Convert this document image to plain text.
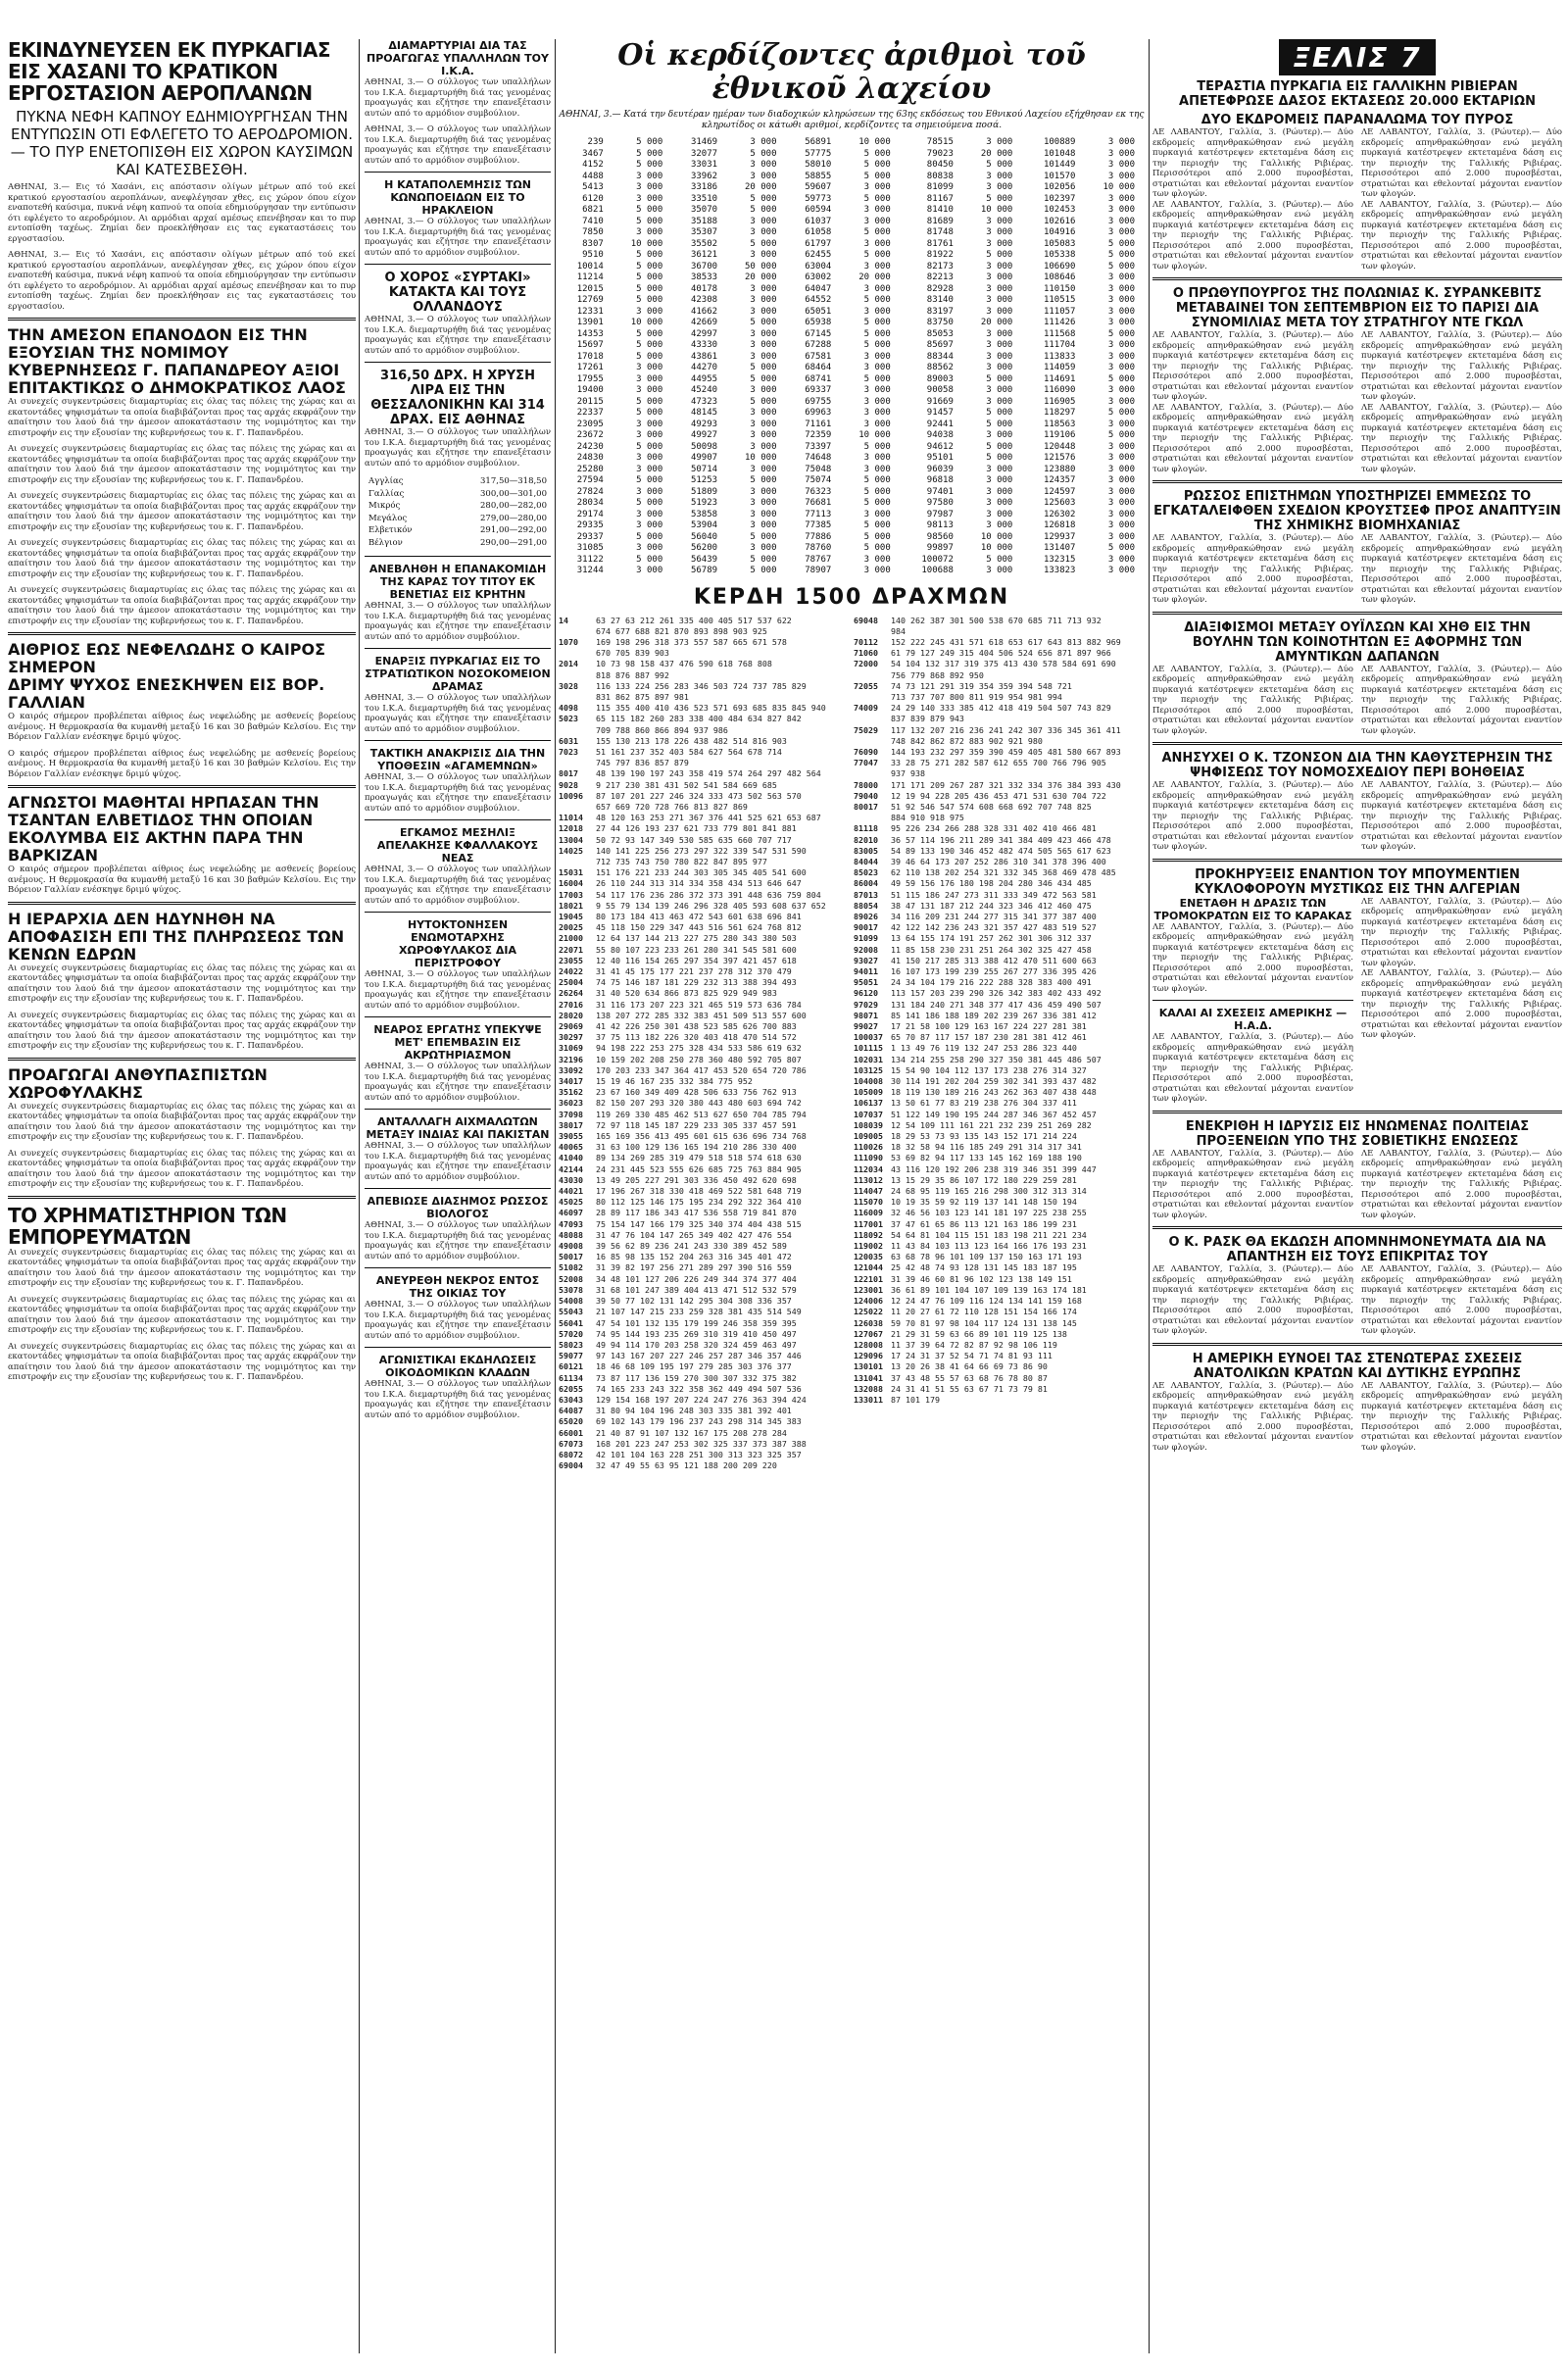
ΕΚΙΝΔΥΝΕΥΣΕΝ ΕΚ ΠΥΡΚΑΓΙΑΣ ΕΙΣ ΧΑΣΑΝΙ ΤΟ ΚΡΑΤΙΚΟΝ ΕΡΓΟΣΤΑΣΙΟΝ ΑΕΡΟΠΛΑΝΩΝ
ΠΥΚΝΑ ΝΕΦΗ ΚΑΠΝΟΥ ΕΔΗΜΙΟΥΡΓΗΣΑΝ ΤΗΝ ΕΝΤΥΠΩΣΙΝ ΟΤΙ ΕΦΛΕΓΕΤΟ ΤΟ ΑΕΡΟΔΡΟΜΙΟΝ. — ΤΟ ΠΥΡ ΕΝΕΤΟΠΙΣΘΗ ΕΙΣ ΧΩΡΟΝ ΚΑΥΣΙΜΩΝ ΚΑΙ ΚΑΤΕΣΒΕΣΘΗ.
ΑΘΗΝΑΙ, 3.— Εις τό Χασάνι, εις απόστασιν ολίγων μέτρων από τού εκεί κρατικού εργοστασίου αεροπλάνων, ανεφλέγησαν χθες, εις χώρον όπου είχον εναποτεθή καύσιμα, πυκνά νέφη καπνού τα οποία εδημιούργησαν την εντύπωσιν ότι εφλέγετο το αεροδρόμιον. Αι αρμόδιαι αρχαί αμέσως επενέβησαν και το πυρ εντοπίσθη ταχέως. Ζημίαι δεν προεκλήθησαν εις τας εγκαταστάσεις του εργοστασίου.
ΑΘΗΝΑΙ, 3.— Εις τό Χασάνι, εις απόστασιν ολίγων μέτρων από τού εκεί κρατικού εργοστασίου αεροπλάνων, ανεφλέγησαν χθες, εις χώρον όπου είχον εναποτεθή καύσιμα, πυκνά νέφη καπνού τα οποία εδημιούργησαν την εντύπωσιν ότι εφλέγετο το αεροδρόμιον. Αι αρμόδιαι αρχαί αμέσως επενέβησαν και το πυρ εντοπίσθη ταχέως. Ζημίαι δεν προεκλήθησαν εις τας εγκαταστάσεις του εργοστασίου.
ΤΗΝ ΑΜΕΣΟΝ ΕΠΑΝΟΔΟΝ ΕΙΣ ΤΗΝ ΕΞΟΥΣΙΑΝ ΤΗΣ ΝΟΜΙΜΟΥ ΚΥΒΕΡΝΗΣΕΩΣ Γ. ΠΑΠΑΝΔΡΕΟΥ ΑΞΙΟΙ ΕΠΙΤΑΚΤΙΚΩΣ Ο ΔΗΜΟΚΡΑΤΙΚΟΣ ΛΑΟΣ
Αι συνεχείς συγκεντρώσεις διαμαρτυρίας εις όλας τας πόλεις της χώρας και αι εκατοντάδες ψηφισμάτων τα οποία διαβιβάζονται προς τας αρχάς εκφράζουν την απαίτησιν του λαού διά την άμεσον αποκατάστασιν της νομιμότητος και την επιστροφήν εις την εξουσίαν της κυβερνήσεως του κ. Γ. Παπανδρέου.
Αι συνεχείς συγκεντρώσεις διαμαρτυρίας εις όλας τας πόλεις της χώρας και αι εκατοντάδες ψηφισμάτων τα οποία διαβιβάζονται προς τας αρχάς εκφράζουν την απαίτησιν του λαού διά την άμεσον αποκατάστασιν της νομιμότητος και την επιστροφήν εις την εξουσίαν της κυβερνήσεως του κ. Γ. Παπανδρέου.
Αι συνεχείς συγκεντρώσεις διαμαρτυρίας εις όλας τας πόλεις της χώρας και αι εκατοντάδες ψηφισμάτων τα οποία διαβιβάζονται προς τας αρχάς εκφράζουν την απαίτησιν του λαού διά την άμεσον αποκατάστασιν της νομιμότητος και την επιστροφήν εις την εξουσίαν της κυβερνήσεως του κ. Γ. Παπανδρέου.
Αι συνεχείς συγκεντρώσεις διαμαρτυρίας εις όλας τας πόλεις της χώρας και αι εκατοντάδες ψηφισμάτων τα οποία διαβιβάζονται προς τας αρχάς εκφράζουν την απαίτησιν του λαού διά την άμεσον αποκατάστασιν της νομιμότητος και την επιστροφήν εις την εξουσίαν της κυβερνήσεως του κ. Γ. Παπανδρέου.
Αι συνεχείς συγκεντρώσεις διαμαρτυρίας εις όλας τας πόλεις της χώρας και αι εκατοντάδες ψηφισμάτων τα οποία διαβιβάζονται προς τας αρχάς εκφράζουν την απαίτησιν του λαού διά την άμεσον αποκατάστασιν της νομιμότητος και την επιστροφήν εις την εξουσίαν της κυβερνήσεως του κ. Γ. Παπανδρέου.
ΑΙΘΡΙΟΣ ΕΩΣ ΝΕΦΕΛΩΔΗΣ Ο ΚΑΙΡΟΣ ΣΗΜΕΡΟΝ
ΔΡΙΜΥ ΨΥΧΟΣ ΕΝΕΣΚΗΨΕΝ ΕΙΣ ΒΟΡ. ΓΑΛΛΙΑΝ
Ο καιρός σήμερον προβλέπεται αίθριος έως νεφελώδης με ασθενείς βορείους ανέμους. Η θερμοκρασία θα κυμανθή μεταξύ 16 και 30 βαθμών Κελσίου. Εις την Βόρειον Γαλλίαν ενέσκηψε δριμύ ψύχος.
Ο καιρός σήμερον προβλέπεται αίθριος έως νεφελώδης με ασθενείς βορείους ανέμους. Η θερμοκρασία θα κυμανθή μεταξύ 16 και 30 βαθμών Κελσίου. Εις την Βόρειον Γαλλίαν ενέσκηψε δριμύ ψύχος.
ΑΓΝΩΣΤΟΙ ΜΑΘΗΤΑΙ ΗΡΠΑΣΑΝ ΤΗΝ ΤΣΑΝΤΑΝ ΕΛΒΕΤΙΔΟΣ ΤΗΝ ΟΠΟΙΑΝ ΕΚΟΛΥΜΒΑ ΕΙΣ ΑΚΤΗΝ ΠΑΡΑ ΤΗΝ ΒΑΡΚΙΖΑΝ
Ο καιρός σήμερον προβλέπεται αίθριος έως νεφελώδης με ασθενείς βορείους ανέμους. Η θερμοκρασία θα κυμανθή μεταξύ 16 και 30 βαθμών Κελσίου. Εις την Βόρειον Γαλλίαν ενέσκηψε δριμύ ψύχος.
Η ΙΕΡΑΡΧΙΑ ΔΕΝ ΗΔΥΝΗΘΗ ΝΑ ΑΠΟΦΑΣΙΣΗ ΕΠΙ ΤΗΣ ΠΛΗΡΩΣΕΩΣ ΤΩΝ ΚΕΝΩΝ ΕΔΡΩΝ
Αι συνεχείς συγκεντρώσεις διαμαρτυρίας εις όλας τας πόλεις της χώρας και αι εκατοντάδες ψηφισμάτων τα οποία διαβιβάζονται προς τας αρχάς εκφράζουν την απαίτησιν του λαού διά την άμεσον αποκατάστασιν της νομιμότητος και την επιστροφήν εις την εξουσίαν της κυβερνήσεως του κ. Γ. Παπανδρέου.
Αι συνεχείς συγκεντρώσεις διαμαρτυρίας εις όλας τας πόλεις της χώρας και αι εκατοντάδες ψηφισμάτων τα οποία διαβιβάζονται προς τας αρχάς εκφράζουν την απαίτησιν του λαού διά την άμεσον αποκατάστασιν της νομιμότητος και την επιστροφήν εις την εξουσίαν της κυβερνήσεως του κ. Γ. Παπανδρέου.
ΠΡΟΑΓΩΓΑΙ ΑΝΘΥΠΑΣΠΙΣΤΩΝ ΧΩΡΟΦΥΛΑΚΗΣ
Αι συνεχείς συγκεντρώσεις διαμαρτυρίας εις όλας τας πόλεις της χώρας και αι εκατοντάδες ψηφισμάτων τα οποία διαβιβάζονται προς τας αρχάς εκφράζουν την απαίτησιν του λαού διά την άμεσον αποκατάστασιν της νομιμότητος και την επιστροφήν εις την εξουσίαν της κυβερνήσεως του κ. Γ. Παπανδρέου.
Αι συνεχείς συγκεντρώσεις διαμαρτυρίας εις όλας τας πόλεις της χώρας και αι εκατοντάδες ψηφισμάτων τα οποία διαβιβάζονται προς τας αρχάς εκφράζουν την απαίτησιν του λαού διά την άμεσον αποκατάστασιν της νομιμότητος και την επιστροφήν εις την εξουσίαν της κυβερνήσεως του κ. Γ. Παπανδρέου.
ΤΟ ΧΡΗΜΑΤΙΣΤΗΡΙΟΝ ΤΩΝ ΕΜΠΟΡΕΥΜΑΤΩΝ
Αι συνεχείς συγκεντρώσεις διαμαρτυρίας εις όλας τας πόλεις της χώρας και αι εκατοντάδες ψηφισμάτων τα οποία διαβιβάζονται προς τας αρχάς εκφράζουν την απαίτησιν του λαού διά την άμεσον αποκατάστασιν της νομιμότητος και την επιστροφήν εις την εξουσίαν της κυβερνήσεως του κ. Γ. Παπανδρέου.
Αι συνεχείς συγκεντρώσεις διαμαρτυρίας εις όλας τας πόλεις της χώρας και αι εκατοντάδες ψηφισμάτων τα οποία διαβιβάζονται προς τας αρχάς εκφράζουν την απαίτησιν του λαού διά την άμεσον αποκατάστασιν της νομιμότητος και την επιστροφήν εις την εξουσίαν της κυβερνήσεως του κ. Γ. Παπανδρέου.
Αι συνεχείς συγκεντρώσεις διαμαρτυρίας εις όλας τας πόλεις της χώρας και αι εκατοντάδες ψηφισμάτων τα οποία διαβιβάζονται προς τας αρχάς εκφράζουν την απαίτησιν του λαού διά την άμεσον αποκατάστασιν της νομιμότητος και την επιστροφήν εις την εξουσίαν της κυβερνήσεως του κ. Γ. Παπανδρέου.
ΔΙΑΜΑΡΤΥΡΙΑΙ ΔΙΑ ΤΑΣ ΠΡΟΑΓΩΓΑΣ ΥΠΑΛΛΗΛΩΝ ΤΟΥ Ι.Κ.Α.
ΑΘΗΝΑΙ, 3.— Ο σύλλογος των υπαλλήλων του Ι.Κ.Α. διεμαρτυρήθη διά τας γενομένας προαγωγάς και εζήτησε την επανεξέτασιν αυτών από το αρμόδιον συμβούλιον.
ΑΘΗΝΑΙ, 3.— Ο σύλλογος των υπαλλήλων του Ι.Κ.Α. διεμαρτυρήθη διά τας γενομένας προαγωγάς και εζήτησε την επανεξέτασιν αυτών από το αρμόδιον συμβούλιον.
Η ΚΑΤΑΠΟΛΕΜΗΣΙΣ ΤΩΝ ΚΩΝΩΠΟΕΙΔΩΝ ΕΙΣ ΤΟ ΗΡΑΚΛΕΙΟΝ
ΑΘΗΝΑΙ, 3.— Ο σύλλογος των υπαλλήλων του Ι.Κ.Α. διεμαρτυρήθη διά τας γενομένας προαγωγάς και εζήτησε την επανεξέτασιν αυτών από το αρμόδιον συμβούλιον.
Ο ΧΟΡΟΣ «ΣΥΡΤΑΚΙ» ΚΑΤΑΚΤΑ ΚΑΙ ΤΟΥΣ ΟΛΛΑΝΔΟΥΣ
ΑΘΗΝΑΙ, 3.— Ο σύλλογος των υπαλλήλων του Ι.Κ.Α. διεμαρτυρήθη διά τας γενομένας προαγωγάς και εζήτησε την επανεξέτασιν αυτών από το αρμόδιον συμβούλιον.
316,50 ΔΡΧ. Η ΧΡΥΣΗ ΛΙΡΑ ΕΙΣ ΤΗΝ ΘΕΣΣΑΛΟΝΙΚΗΝ ΚΑΙ 314 ΔΡΑΧ. ΕΙΣ ΑΘΗΝΑΣ
ΑΘΗΝΑΙ, 3.— Ο σύλλογος των υπαλλήλων του Ι.Κ.Α. διεμαρτυρήθη διά τας γενομένας προαγωγάς και εζήτησε την επανεξέτασιν αυτών από το αρμόδιον συμβούλιον.
Αγγλίας	317,50—318,50
Γαλλίας	300,00—301,00
Μικρός	280,00—282,00
Μεγάλος	279,00—280,00
Ελβετικόν	291,00—292,00
Βέλγιον	290,00—291,00
ΑΝΕΒΛΗΘΗ Η ΕΠΑΝΑΚΟΜΙΔΗ ΤΗΣ ΚΑΡΑΣ ΤΟΥ ΤΙΤΟΥ ΕΚ ΒΕΝΕΤΙΑΣ ΕΙΣ ΚΡΗΤΗΝ
ΑΘΗΝΑΙ, 3.— Ο σύλλογος των υπαλλήλων του Ι.Κ.Α. διεμαρτυρήθη διά τας γενομένας προαγωγάς και εζήτησε την επανεξέτασιν αυτών από το αρμόδιον συμβούλιον.
ΕΝΑΡΞΙΣ ΠΥΡΚΑΓΙΑΣ ΕΙΣ ΤΟ ΣΤΡΑΤΙΩΤΙΚΟΝ ΝΟΣΟΚΟΜΕΙΟΝ ΔΡΑΜΑΣ
ΑΘΗΝΑΙ, 3.— Ο σύλλογος των υπαλλήλων του Ι.Κ.Α. διεμαρτυρήθη διά τας γενομένας προαγωγάς και εζήτησε την επανεξέτασιν αυτών από το αρμόδιον συμβούλιον.
ΤΑΚΤΙΚΗ ΑΝΑΚΡΙΣΙΣ ΔΙΑ ΤΗΝ ΥΠΟΘΕΣΙΝ «ΑΓΑΜΕΜΝΩΝ»
ΑΘΗΝΑΙ, 3.— Ο σύλλογος των υπαλλήλων του Ι.Κ.Α. διεμαρτυρήθη διά τας γενομένας προαγωγάς και εζήτησε την επανεξέτασιν αυτών από το αρμόδιον συμβούλιον.
ΕΓΚΑΜΟΣ ΜΕΣΗΛΙΞ ΑΠΕΛΑΚΗΣΕ ΚΦΑΛΛΑΚΟΥΣ ΝΕΑΣ
ΑΘΗΝΑΙ, 3.— Ο σύλλογος των υπαλλήλων του Ι.Κ.Α. διεμαρτυρήθη διά τας γενομένας προαγωγάς και εζήτησε την επανεξέτασιν αυτών από το αρμόδιον συμβούλιον.
ΗΥΤΟΚΤΟΝΗΣΕΝ ΕΝΩΜΟΤΑΡΧΗΣ ΧΩΡΟΦΥΛΑΚΟΣ ΔΙΑ ΠΕΡΙΣΤΡΟΦΟΥ
ΑΘΗΝΑΙ, 3.— Ο σύλλογος των υπαλλήλων του Ι.Κ.Α. διεμαρτυρήθη διά τας γενομένας προαγωγάς και εζήτησε την επανεξέτασιν αυτών από το αρμόδιον συμβούλιον.
ΝΕΑΡΟΣ ΕΡΓΑΤΗΣ ΥΠΕΚΥΨΕ ΜΕΤ' ΕΠΕΜΒΑΣΙΝ ΕΙΣ ΑΚΡΩΤΗΡΙΑΣΜΟΝ
ΑΘΗΝΑΙ, 3.— Ο σύλλογος των υπαλλήλων του Ι.Κ.Α. διεμαρτυρήθη διά τας γενομένας προαγωγάς και εζήτησε την επανεξέτασιν αυτών από το αρμόδιον συμβούλιον.
ΑΝΤΑΛΛΑΓΗ ΑΙΧΜΑΛΩΤΩΝ ΜΕΤΑΞΥ ΙΝΔΙΑΣ ΚΑΙ ΠΑΚΙΣΤΑΝ
ΑΘΗΝΑΙ, 3.— Ο σύλλογος των υπαλλήλων του Ι.Κ.Α. διεμαρτυρήθη διά τας γενομένας προαγωγάς και εζήτησε την επανεξέτασιν αυτών από το αρμόδιον συμβούλιον.
ΑΠΕΒΙΩΣΕ ΔΙΑΣΗΜΟΣ ΡΩΣΣΟΣ ΒΙΟΛΟΓΟΣ
ΑΘΗΝΑΙ, 3.— Ο σύλλογος των υπαλλήλων του Ι.Κ.Α. διεμαρτυρήθη διά τας γενομένας προαγωγάς και εζήτησε την επανεξέτασιν αυτών από το αρμόδιον συμβούλιον.
ΑΝΕΥΡΕΘΗ ΝΕΚΡΟΣ ΕΝΤΟΣ ΤΗΣ ΟΙΚΙΑΣ ΤΟΥ
ΑΘΗΝΑΙ, 3.— Ο σύλλογος των υπαλλήλων του Ι.Κ.Α. διεμαρτυρήθη διά τας γενομένας προαγωγάς και εζήτησε την επανεξέτασιν αυτών από το αρμόδιον συμβούλιον.
ΑΓΩΝΙΣΤΙΚΑΙ ΕΚΔΗΛΩΣΕΙΣ ΟΙΚΟΔΟΜΙΚΩΝ ΚΛΑΔΩΝ
ΑΘΗΝΑΙ, 3.— Ο σύλλογος των υπαλλήλων του Ι.Κ.Α. διεμαρτυρήθη διά τας γενομένας προαγωγάς και εζήτησε την επανεξέτασιν αυτών από το αρμόδιον συμβούλιον.
Οἱ κερδίζοντες ἀριθμοὶ τοῦ ἐθνικοῦ λαχείου
ΑΘΗΝΑΙ, 3.— Κατά την δευτέραν ημέραν των διαδοχικών κληρώσεων της 63ης εκδόσεως του Εθνικού Λαχείου εξήχθησαν εκ της κληρωτίδος οι κάτωθι αριθμοί, κερδίζοντες τα σημειούμενα ποσά.
239	5 000	31469	3 000	56891	10 000	78515	3 000	100889	3 000
3467	5 000	32077	5 000	57775	5 000	79023	20 000	101048	3 000
4152	5 000	33031	3 000	58010	5 000	80450	5 000	101449	3 000
4488	3 000	33962	3 000	58855	5 000	80838	3 000	101570	3 000
5413	3 000	33186	20 000	59607	3 000	81099	3 000	102056	10 000
6120	3 000	33510	5 000	59773	5 000	81167	5 000	102397	3 000
6821	5 000	35070	5 000	60594	3 000	81410	10 000	102453	3 000
7410	5 000	35188	3 000	61037	3 000	81689	3 000	102616	3 000
7850	3 000	35307	3 000	61058	5 000	81748	3 000	104916	3 000
8307	10 000	35502	5 000	61797	3 000	81761	3 000	105083	5 000
9510	5 000	36121	3 000	62455	5 000	81922	5 000	105338	5 000
10014	5 000	36700	50 000	63004	3 000	82173	3 000	106690	5 000
11214	5 000	38533	20 000	63002	20 000	82213	3 000	108646	3 000
12015	5 000	40178	3 000	64047	3 000	82928	3 000	110150	3 000
12769	5 000	42308	3 000	64552	5 000	83140	3 000	110515	3 000
12331	3 000	41662	3 000	65051	3 000	83197	3 000	111057	3 000
13901	10 000	42669	5 000	65938	5 000	83750	20 000	111426	3 000
14353	5 000	42997	3 000	67145	5 000	85053	3 000	111568	5 000
15697	5 000	43330	3 000	67288	5 000	85697	3 000	111704	3 000
17018	5 000	43861	3 000	67581	3 000	88344	3 000	113833	3 000
17261	3 000	44270	5 000	68464	3 000	88562	3 000	114059	3 000
17955	3 000	44955	5 000	68741	5 000	89003	5 000	114691	5 000
19400	3 000	45240	3 000	69337	3 000	90058	3 000	116090	3 000
20115	5 000	47323	5 000	69755	3 000	91669	3 000	116905	3 000
22337	5 000	48145	3 000	69963	3 000	91457	5 000	118297	5 000
23095	3 000	49293	3 000	71161	3 000	92441	5 000	118563	3 000
23672	3 000	49927	3 000	72359	10 000	94038	3 000	119106	5 000
24230	5 000	50098	3 000	73397	5 000	94612	5 000	120448	3 000
24830	3 000	49907	10 000	74648	3 000	95101	5 000	121576	3 000
25280	3 000	50714	3 000	75048	3 000	96039	3 000	123880	3 000
27594	5 000	51253	5 000	75074	5 000	96818	3 000	124357	3 000
27824	3 000	51809	3 000	76323	5 000	97401	3 000	124597	3 000
28034	5 000	51923	3 000	76681	5 000	97580	3 000	125603	3 000
29174	3 000	53858	3 000	77113	3 000	97987	3 000	126302	3 000
29335	3 000	53904	3 000	77385	5 000	98113	3 000	126818	3 000
29337	5 000	56040	5 000	77886	5 000	98560	10 000	129937	3 000
31085	3 000	56200	3 000	78760	5 000	99897	10 000	131407	5 000
31122	5 000	56439	5 000	78767	3 000	100072	5 000	132315	3 000
31244	3 000	56789	5 000	78907	3 000	100688	3 000	133823	3 000
ΚΕΡΔΗ 1500 ΔΡΑΧΜΩΝ
14	63 27 63 212 261 335 400 405 517 537 622
674 677 688 821 870 893 898 903 925
1070 169 198 296 318 373 557 587 665 671 578
670 705 839 903
2014 10 73 98 158 437 476 590 618 768 808
818 876 887 992
3028 116 133 224 256 283 346 503 724 737 785 829
831 862 875 897 981
4098 115 355 400 410 436 523 571 693 685 835 845 940
5023 65 115 182 260 283 338 400 484 634 827 842
709 788 860 866 894 937 986
6031 155 130 213 178 226 438 482 514 816 903
7023 51 161 237 352 403 584 627 564 678 714
745 797 836 857 879
8017 48 139 190 197 243 358 419 574 264 297 482 564
9028 9 217 230 381 431 502 541 584 669 685
10096 87 107 201 227 246 324 333 473 502 563 570
657 669 720 728 766 813 827 869
11014 48 120 163 253 271 367 376 441 525 621 653 687
12018 27 44 126 193 237 621 733 779 801 841 881
13004 50 72 93 147 349 530 585 635 660 707 717
14025 140 141 225 256 273 297 322 339 547 531 590
712 735 743 750 780 822 847 895 977
15031 151 176 221 233 244 303 305 345 405 541 600
16004 26 110 244 313 314 334 358 434 513 646 647
17003 54 117 176 236 286 372 373 391 448 636 759 804
18021 9 55 79 134 139 246 296 328 405 593 608 637 652
19045 80 173 184 413 463 472 543 601 638 696 841
20025 45 118 150 229 347 443 516 561 624 768 812
21000 12 64 137 144 213 227 275 280 343 380 503
22071 55 80 107 223 233 261 280 341 545 581 600
23055 12 40 116 154 265 297 354 397 421 457 618
24022 31 41 45 175 177 221 237 278 312 370 479
25004 74 75 146 187 181 229 232 313 388 394 493
26264 31 40 520 634 866 873 825 929 949 983
27016 31 116 173 207 223 321 465 519 573 636 784
28020 138 207 272 285 332 383 451 509 513 557 600
29069 41 42 226 250 301 438 523 585 626 700 883
30297 37 75 113 182 226 320 403 418 470 514 572
31069 94 198 222 253 275 328 434 533 586 619 632
32196 10 159 202 208 250 278 360 480 592 705 807
33092 170 203 233 347 364 417 453 520 654 720 786
34017 15 19 46 167 235 332 384 775 952
35162 23 67 160 349 409 428 506 633 756 762 913
36023 82 150 207 293 320 380 443 480 603 694 742
37098 119 269 330 485 462 513 627 650 704 785 794
38017 72 97 118 145 187 229 233 305 337 457 591
39055 165 169 356 413 495 601 615 636 696 734 768
40065 31 63 100 129 136 165 194 210 286 330 400
41040 89 134 269 285 319 479 518 518 574 618 630
42144 24 231 445 523 555 626 685 725 763 884 905
43030 13 49 205 227 291 303 336 450 492 620 698
44021 17 196 267 318 330 418 469 522 581 648 719
45025 80 112 125 146 175 195 234 292 322 364 410
46097 28 89 117 186 343 417 536 558 719 841 870
47093 75 154 147 166 179 325 340 374 404 438 515
48088 31 47 76 104 147 265 349 402 427 476 554
49008 39 56 62 89 236 241 243 330 389 452 589
50017 16 85 98 135 152 204 263 316 345 401 472
51082 31 39 82 197 256 271 289 297 390 516 559
52008 34 48 101 127 206 226 249 344 374 377 404
53078 31 68 101 247 389 404 413 471 512 532 579
54008 39 50 77 102 131 142 295 304 308 336 357
55043 21 107 147 215 233 259 328 381 435 514 549
56041 47 54 101 132 135 179 199 246 358 359 395
57020 74 95 144 193 235 269 310 319 410 450 497
58023 49 94 114 170 203 258 320 324 459 463 497
59077 97 143 167 207 227 246 257 287 346 357 446
60121 18 46 68 109 195 197 279 285 303 376 377
61134 73 87 117 136 159 270 300 307 332 375 382
62055 74 165 233 243 322 358 362 449 494 507 536
63043 129 154 168 197 207 224 247 276 363 394 424
64087 31 80 94 104 196 248 303 335 381 392 401
65020 69 102 143 179 196 237 243 298 314 345 383
66001 21 40 87 91 107 132 167 175 208 278 284
67073 168 201 223 247 253 302 325 337 373 387 388
68072 42 101 104 163 228 251 300 313 323 325 357
69004 32 47 49 55 63 95 121 188 200 209 220

69048 140 262 387 301 500 538 670 685 711 713 932
984
70112 152 222 245 431 571 618 653 617 643 813 882 969
71060 61 79 127 249 315 404 506 524 656 871 897 966
72000 54 104 132 317 319 375 413 430 578 584 691 690
756 779 868 892 950
72055 74 73 121 291 319 354 359 394 548 721
713 737 707 800 811 919 954 981 994
74009 24 29 140 333 385 412 418 419 504 507 743 829
837 839 879 943
75029 117 132 207 216 236 241 242 307 336 345 361 411
748 842 862 872 883 902 921 980
76090 144 193 232 297 359 390 459 405 481 580 667 893
77047 33 28 75 271 282 587 612 655 700 766 796 905
937 938
78000 171 171 209 267 287 321 332 334 376 384 393 430
79040 12 19 94 228 205 436 453 471 531 630 704 722
80017 51 92 546 547 574 608 668 692 707 748 825
884 910 918 975
81118 95 226 234 266 288 328 331 402 410 466 481
82010 36 57 114 196 211 289 341 384 409 423 466 478
83005 54 89 133 190 346 452 482 474 505 565 617 623
84044 39 46 64 173 207 252 286 310 341 378 396 400
85023 62 110 138 202 254 321 332 345 368 469 478 485
86004 49 59 156 176 180 198 204 280 346 434 485
87013 51 115 186 247 273 311 333 349 472 563 581
88054 38 47 131 187 212 244 323 346 412 460 475
89026 34 116 209 231 244 277 315 341 377 387 400
90017 42 122 142 236 243 321 357 427 483 519 527
91099 13 64 155 174 191 257 262 301 306 312 337
92008 11 85 158 230 231 251 264 302 325 427 458
93027 41 150 217 285 313 388 412 470 511 600 663
94011 16 107 173 199 239 255 267 277 336 395 426
95051 24 34 104 179 216 222 288 328 383 400 491
96120 113 157 203 239 290 326 342 383 402 433 492
97029 131 184 240 271 348 377 417 436 459 490 507
98071 85 141 186 188 189 202 239 267 336 381 412
99027 17 21 58 100 129 163 167 224 227 281 381
100037 65 70 87 117 157 187 230 281 381 412 461
101115 1 13 49 76 119 132 247 253 286 323 440
102031 134 214 255 258 290 327 350 381 445 486 507
103125 15 54 90 104 112 137 173 238 276 314 327
104008 30 114 191 202 204 259 302 341 393 437 482
105009 18 119 130 189 216 243 262 363 407 438 448
106137 13 50 61 77 83 219 238 276 304 337 411
107037 51 122 149 190 195 244 287 346 367 452 457
108039 12 54 109 111 161 221 232 239 251 269 282
109005 18 29 53 73 93 135 143 152 171 214 224
110026 18 32 58 94 116 185 249 291 314 317 341
111090 53 69 82 94 117 133 145 162 169 188 190
112034 43 116 120 192 206 238 319 346 351 399 447
113012 13 15 29 35 86 107 172 180 229 259 281
114047 24 68 95 119 165 216 298 300 312 313 314
115070 10 19 35 59 92 119 137 141 148 150 194
116009 32 46 56 103 123 141 181 197 225 238 255
117001 37 47 61 65 86 113 121 163 186 199 231
118092 54 64 81 104 115 151 183 198 211 221 234
119002 11 43 84 103 113 123 164 166 176 193 231
120035 63 68 78 96 101 109 137 150 163 171 193
121044 25 42 48 74 93 128 131 145 183 187 195
122101 31 39 46 60 81 96 102 123 138 149 151
123001 36 61 89 101 104 107 109 139 163 174 181
124006 12 24 47 76 109 116 124 134 141 159 168
125022 11 20 27 61 72 110 128 151 154 166 174
126038 59 70 81 97 98 104 117 124 131 138 145
127067 21 29 31 59 63 66 89 101 119 125 138
128008 11 37 39 64 72 82 87 92 98 106 119
129096 17 24 31 37 52 54 71 74 81 93 111
130101 13 20 26 38 41 64 66 69 73 86 90
131041 37 43 48 55 57 63 68 76 78 80 87
132088 24 31 41 51 55 63 67 71 73 79 81
133011 87 101 179
ΞΕΛΙΣ 7
ΤΕΡΑΣΤΙΑ ΠΥΡΚΑΓΙΑ ΕΙΣ ΓΑΛΛΙΚΗΝ ΡΙΒΙΕΡΑΝ ΑΠΕΤΕΦΡΩΣΕ ΔΑΣΟΣ ΕΚΤΑΣΕΩΣ 20.000 ΕΚΤΑΡΙΩΝ
ΔΥΟ ΕΚΔΡΟΜΕΙΣ ΠΑΡΑΝΑΛΩΜΑ ΤΟΥ ΠΥΡΟΣ
ΛΕ ΛΑΒΑΝΤΟΥ, Γαλλία, 3. (Ρώυτερ).— Δύο εκδρομείς απηνθρακώθησαν ενώ μεγάλη πυρκαγιά κατέστρεψεν εκτεταμένα δάση εις την περιοχήν της Γαλλικής Ριβιέρας. Περισσότεροι από 2.000 πυροσβέσται, στρατιώται και εθελονταί μάχονται εναντίον των φλογών.
ΛΕ ΛΑΒΑΝΤΟΥ, Γαλλία, 3. (Ρώυτερ).— Δύο εκδρομείς απηνθρακώθησαν ενώ μεγάλη πυρκαγιά κατέστρεψεν εκτεταμένα δάση εις την περιοχήν της Γαλλικής Ριβιέρας. Περισσότεροι από 2.000 πυροσβέσται, στρατιώται και εθελονταί μάχονται εναντίον των φλογών.
ΛΕ ΛΑΒΑΝΤΟΥ, Γαλλία, 3. (Ρώυτερ).— Δύο εκδρομείς απηνθρακώθησαν ενώ μεγάλη πυρκαγιά κατέστρεψεν εκτεταμένα δάση εις την περιοχήν της Γαλλικής Ριβιέρας. Περισσότεροι από 2.000 πυροσβέσται, στρατιώται και εθελονταί μάχονται εναντίον των φλογών.
ΛΕ ΛΑΒΑΝΤΟΥ, Γαλλία, 3. (Ρώυτερ).— Δύο εκδρομείς απηνθρακώθησαν ενώ μεγάλη πυρκαγιά κατέστρεψεν εκτεταμένα δάση εις την περιοχήν της Γαλλικής Ριβιέρας. Περισσότεροι από 2.000 πυροσβέσται, στρατιώται και εθελονταί μάχονται εναντίον των φλογών.
Ο ΠΡΩΘΥΠΟΥΡΓΟΣ ΤΗΣ ΠΟΛΩΝΙΑΣ Κ. ΣΥΡΑΝΚΕΒΙΤΣ ΜΕΤΑΒΑΙΝΕΙ ΤΟΝ ΣΕΠΤΕΜΒΡΙΟΝ ΕΙΣ ΤΟ ΠΑΡΙΣΙ ΔΙΑ ΣΥΝΟΜΙΛΙΑΣ ΜΕΤΑ ΤΟΥ ΣΤΡΑΤΗΓΟΥ ΝΤΕ ΓΚΩΛ
ΛΕ ΛΑΒΑΝΤΟΥ, Γαλλία, 3. (Ρώυτερ).— Δύο εκδρομείς απηνθρακώθησαν ενώ μεγάλη πυρκαγιά κατέστρεψεν εκτεταμένα δάση εις την περιοχήν της Γαλλικής Ριβιέρας. Περισσότεροι από 2.000 πυροσβέσται, στρατιώται και εθελονταί μάχονται εναντίον των φλογών.
ΛΕ ΛΑΒΑΝΤΟΥ, Γαλλία, 3. (Ρώυτερ).— Δύο εκδρομείς απηνθρακώθησαν ενώ μεγάλη πυρκαγιά κατέστρεψεν εκτεταμένα δάση εις την περιοχήν της Γαλλικής Ριβιέρας. Περισσότεροι από 2.000 πυροσβέσται, στρατιώται και εθελονταί μάχονται εναντίον των φλογών.
ΛΕ ΛΑΒΑΝΤΟΥ, Γαλλία, 3. (Ρώυτερ).— Δύο εκδρομείς απηνθρακώθησαν ενώ μεγάλη πυρκαγιά κατέστρεψεν εκτεταμένα δάση εις την περιοχήν της Γαλλικής Ριβιέρας. Περισσότεροι από 2.000 πυροσβέσται, στρατιώται και εθελονταί μάχονται εναντίον των φλογών.
ΛΕ ΛΑΒΑΝΤΟΥ, Γαλλία, 3. (Ρώυτερ).— Δύο εκδρομείς απηνθρακώθησαν ενώ μεγάλη πυρκαγιά κατέστρεψεν εκτεταμένα δάση εις την περιοχήν της Γαλλικής Ριβιέρας. Περισσότεροι από 2.000 πυροσβέσται, στρατιώται και εθελονταί μάχονται εναντίον των φλογών.
ΡΩΣΣΟΣ ΕΠΙΣΤΗΜΩΝ ΥΠΟΣΤΗΡΙΖΕΙ ΕΜΜΕΣΩΣ ΤΟ ΕΓΚΑΤΑΛΕΙΦΘΕΝ ΣΧΕΔΙΟΝ ΚΡΟΥΣΤΣΕΦ ΠΡΟΣ ΑΝΑΠΤΥΞΙΝ ΤΗΣ ΧΗΜΙΚΗΣ ΒΙΟΜΗΧΑΝΙΑΣ
ΛΕ ΛΑΒΑΝΤΟΥ, Γαλλία, 3. (Ρώυτερ).— Δύο εκδρομείς απηνθρακώθησαν ενώ μεγάλη πυρκαγιά κατέστρεψεν εκτεταμένα δάση εις την περιοχήν της Γαλλικής Ριβιέρας. Περισσότεροι από 2.000 πυροσβέσται, στρατιώται και εθελονταί μάχονται εναντίον των φλογών.
ΛΕ ΛΑΒΑΝΤΟΥ, Γαλλία, 3. (Ρώυτερ).— Δύο εκδρομείς απηνθρακώθησαν ενώ μεγάλη πυρκαγιά κατέστρεψεν εκτεταμένα δάση εις την περιοχήν της Γαλλικής Ριβιέρας. Περισσότεροι από 2.000 πυροσβέσται, στρατιώται και εθελονταί μάχονται εναντίον των φλογών.
ΔΙΑΞΙΦΙΣΜΟΙ ΜΕΤΑΞΥ ΟΥΪΛΣΩΝ ΚΑΙ ΧΗΘ ΕΙΣ ΤΗΝ ΒΟΥΛΗΝ ΤΩΝ ΚΟΙΝΟΤΗΤΩΝ ΕΞ ΑΦΟΡΜΗΣ ΤΩΝ ΑΜΥΝΤΙΚΩΝ ΔΑΠΑΝΩΝ
ΛΕ ΛΑΒΑΝΤΟΥ, Γαλλία, 3. (Ρώυτερ).— Δύο εκδρομείς απηνθρακώθησαν ενώ μεγάλη πυρκαγιά κατέστρεψεν εκτεταμένα δάση εις την περιοχήν της Γαλλικής Ριβιέρας. Περισσότεροι από 2.000 πυροσβέσται, στρατιώται και εθελονταί μάχονται εναντίον των φλογών.
ΛΕ ΛΑΒΑΝΤΟΥ, Γαλλία, 3. (Ρώυτερ).— Δύο εκδρομείς απηνθρακώθησαν ενώ μεγάλη πυρκαγιά κατέστρεψεν εκτεταμένα δάση εις την περιοχήν της Γαλλικής Ριβιέρας. Περισσότεροι από 2.000 πυροσβέσται, στρατιώται και εθελονταί μάχονται εναντίον των φλογών.
ΑΝΗΣΥΧΕΙ Ο Κ. ΤΖΟΝΣΟΝ ΔΙΑ ΤΗΝ ΚΑΘΥΣΤΕΡΗΣΙΝ ΤΗΣ ΨΗΦΙΣΕΩΣ ΤΟΥ ΝΟΜΟΣΧΕΔΙΟΥ ΠΕΡΙ ΒΟΗΘΕΙΑΣ
ΛΕ ΛΑΒΑΝΤΟΥ, Γαλλία, 3. (Ρώυτερ).— Δύο εκδρομείς απηνθρακώθησαν ενώ μεγάλη πυρκαγιά κατέστρεψεν εκτεταμένα δάση εις την περιοχήν της Γαλλικής Ριβιέρας. Περισσότεροι από 2.000 πυροσβέσται, στρατιώται και εθελονταί μάχονται εναντίον των φλογών.
ΛΕ ΛΑΒΑΝΤΟΥ, Γαλλία, 3. (Ρώυτερ).— Δύο εκδρομείς απηνθρακώθησαν ενώ μεγάλη πυρκαγιά κατέστρεψεν εκτεταμένα δάση εις την περιοχήν της Γαλλικής Ριβιέρας. Περισσότεροι από 2.000 πυροσβέσται, στρατιώται και εθελονταί μάχονται εναντίον των φλογών.
ΠΡΟΚΗΡΥΞΕΙΣ ΕΝΑΝΤΙΟΝ ΤΟΥ ΜΠΟΥΜΕΝΤΙΕΝ ΚΥΚΛΟΦΟΡΟΥΝ ΜΥΣΤΙΚΩΣ ΕΙΣ ΤΗΝ ΑΛΓΕΡΙΑΝ
ΕΝΕΤΑΘΗ Η ΔΡΑΣΙΣ ΤΩΝ ΤΡΟΜΟΚΡΑΤΩΝ ΕΙΣ ΤΟ ΚΑΡΑΚΑΣ
ΛΕ ΛΑΒΑΝΤΟΥ, Γαλλία, 3. (Ρώυτερ).— Δύο εκδρομείς απηνθρακώθησαν ενώ μεγάλη πυρκαγιά κατέστρεψεν εκτεταμένα δάση εις την περιοχήν της Γαλλικής Ριβιέρας. Περισσότεροι από 2.000 πυροσβέσται, στρατιώται και εθελονταί μάχονται εναντίον των φλογών.
ΚΑΛΑΙ ΑΙ ΣΧΕΣΕΙΣ ΑΜΕΡΙΚΗΣ — Η.Α.Δ.
ΛΕ ΛΑΒΑΝΤΟΥ, Γαλλία, 3. (Ρώυτερ).— Δύο εκδρομείς απηνθρακώθησαν ενώ μεγάλη πυρκαγιά κατέστρεψεν εκτεταμένα δάση εις την περιοχήν της Γαλλικής Ριβιέρας. Περισσότεροι από 2.000 πυροσβέσται, στρατιώται και εθελονταί μάχονται εναντίον των φλογών.
ΛΕ ΛΑΒΑΝΤΟΥ, Γαλλία, 3. (Ρώυτερ).— Δύο εκδρομείς απηνθρακώθησαν ενώ μεγάλη πυρκαγιά κατέστρεψεν εκτεταμένα δάση εις την περιοχήν της Γαλλικής Ριβιέρας. Περισσότεροι από 2.000 πυροσβέσται, στρατιώται και εθελονταί μάχονται εναντίον των φλογών.
ΛΕ ΛΑΒΑΝΤΟΥ, Γαλλία, 3. (Ρώυτερ).— Δύο εκδρομείς απηνθρακώθησαν ενώ μεγάλη πυρκαγιά κατέστρεψεν εκτεταμένα δάση εις την περιοχήν της Γαλλικής Ριβιέρας. Περισσότεροι από 2.000 πυροσβέσται, στρατιώται και εθελονταί μάχονται εναντίον των φλογών.
ΕΝΕΚΡΙΘΗ Η ΙΔΡΥΣΙΣ ΕΙΣ ΗΝΩΜΕΝΑΣ ΠΟΛΙΤΕΙΑΣ ΠΡΟΞΕΝΕΙΩΝ ΥΠΟ ΤΗΣ ΣΟΒΙΕΤΙΚΗΣ ΕΝΩΣΕΩΣ
ΛΕ ΛΑΒΑΝΤΟΥ, Γαλλία, 3. (Ρώυτερ).— Δύο εκδρομείς απηνθρακώθησαν ενώ μεγάλη πυρκαγιά κατέστρεψεν εκτεταμένα δάση εις την περιοχήν της Γαλλικής Ριβιέρας. Περισσότεροι από 2.000 πυροσβέσται, στρατιώται και εθελονταί μάχονται εναντίον των φλογών.
ΛΕ ΛΑΒΑΝΤΟΥ, Γαλλία, 3. (Ρώυτερ).— Δύο εκδρομείς απηνθρακώθησαν ενώ μεγάλη πυρκαγιά κατέστρεψεν εκτεταμένα δάση εις την περιοχήν της Γαλλικής Ριβιέρας. Περισσότεροι από 2.000 πυροσβέσται, στρατιώται και εθελονταί μάχονται εναντίον των φλογών.
Ο Κ. ΡΑΣΚ ΘΑ ΕΚΔΩΣΗ ΑΠΟΜΝΗΜΟΝΕΥΜΑΤΑ ΔΙΑ ΝΑ ΑΠΑΝΤΗΣΗ ΕΙΣ ΤΟΥΣ ΕΠΙΚΡΙΤΑΣ ΤΟΥ
ΛΕ ΛΑΒΑΝΤΟΥ, Γαλλία, 3. (Ρώυτερ).— Δύο εκδρομείς απηνθρακώθησαν ενώ μεγάλη πυρκαγιά κατέστρεψεν εκτεταμένα δάση εις την περιοχήν της Γαλλικής Ριβιέρας. Περισσότεροι από 2.000 πυροσβέσται, στρατιώται και εθελονταί μάχονται εναντίον των φλογών.
ΛΕ ΛΑΒΑΝΤΟΥ, Γαλλία, 3. (Ρώυτερ).— Δύο εκδρομείς απηνθρακώθησαν ενώ μεγάλη πυρκαγιά κατέστρεψεν εκτεταμένα δάση εις την περιοχήν της Γαλλικής Ριβιέρας. Περισσότεροι από 2.000 πυροσβέσται, στρατιώται και εθελονταί μάχονται εναντίον των φλογών.
Η ΑΜΕΡΙΚΗ ΕΥΝΟΕΙ ΤΑΣ ΣΤΕΝΩΤΕΡΑΣ ΣΧΕΣΕΙΣ ΑΝΑΤΟΛΙΚΩΝ ΚΡΑΤΩΝ ΚΑΙ ΔΥΤΙΚΗΣ ΕΥΡΩΠΗΣ
ΛΕ ΛΑΒΑΝΤΟΥ, Γαλλία, 3. (Ρώυτερ).— Δύο εκδρομείς απηνθρακώθησαν ενώ μεγάλη πυρκαγιά κατέστρεψεν εκτεταμένα δάση εις την περιοχήν της Γαλλικής Ριβιέρας. Περισσότεροι από 2.000 πυροσβέσται, στρατιώται και εθελονταί μάχονται εναντίον των φλογών.
ΛΕ ΛΑΒΑΝΤΟΥ, Γαλλία, 3. (Ρώυτερ).— Δύο εκδρομείς απηνθρακώθησαν ενώ μεγάλη πυρκαγιά κατέστρεψεν εκτεταμένα δάση εις την περιοχήν της Γαλλικής Ριβιέρας. Περισσότεροι από 2.000 πυροσβέσται, στρατιώται και εθελονταί μάχονται εναντίον των φλογών.
